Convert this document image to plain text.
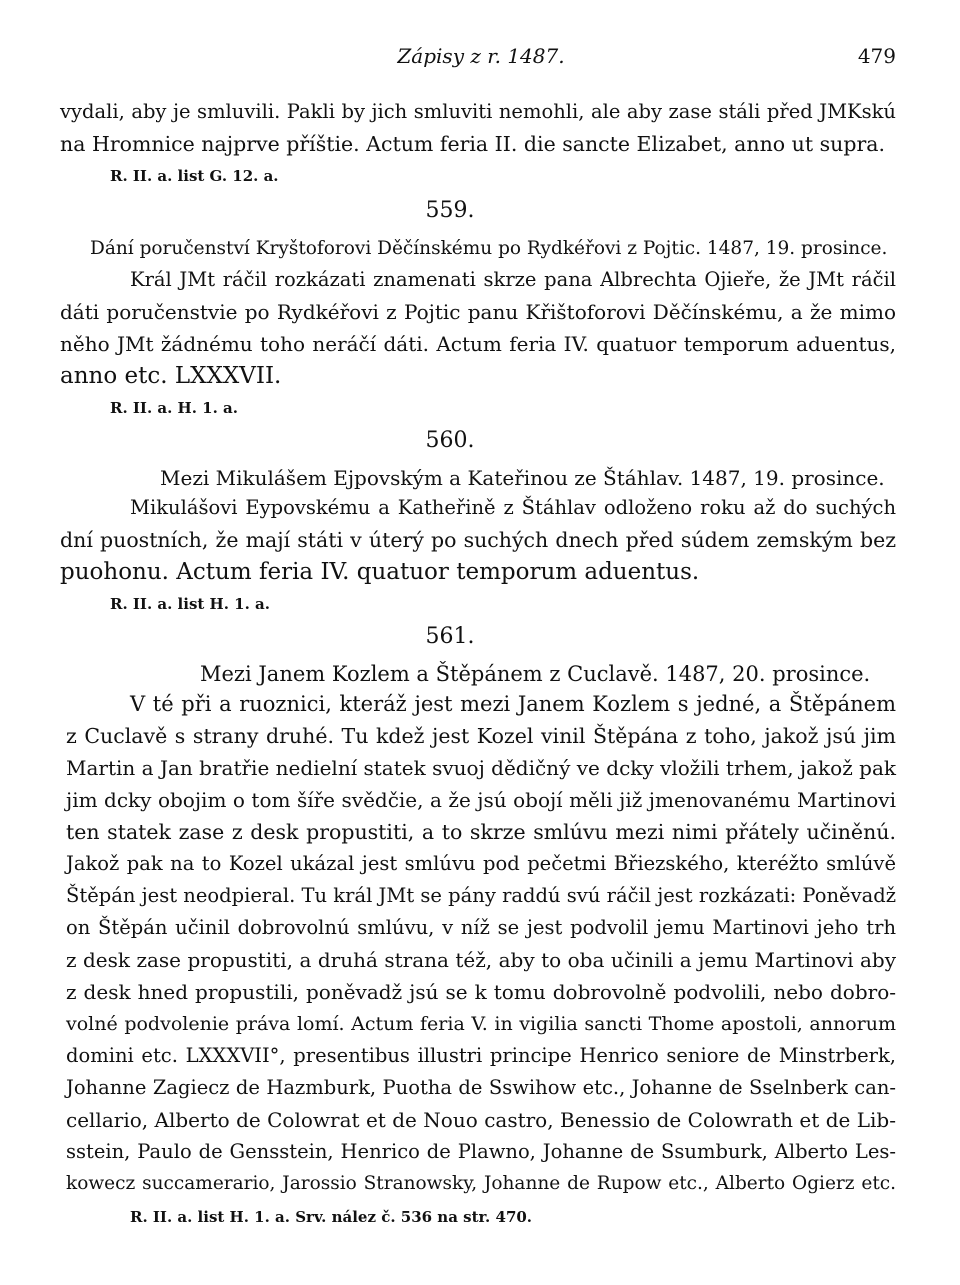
Zápisy z r. 1487.	479
vydali, aby je smluvili. Pakli by jich smluviti nemohli, ale aby zase stáli před JMKskú
na Hromnice najprve příštie. Actum feria II. die sancte Elizabet, anno ut supra.
R. II. a. list G. 12. a.
559.
Dání poručenství Kryštoforovi Děčínskému po Rydkéřovi z Pojtic. 1487, 19. prosince.
Král JMt ráčil rozkázati znamenati skrze pana Albrechta Ojieře, že JMt ráčil
dáti poručenstvie po Rydkéřovi z Pojtic panu Křištoforovi Děčínskému, a že mimo
něho JMt žádnému toho neráčí dáti. Actum feria IV. quatuor temporum aduentus,
anno etc. LXXXVII.
R. II. a. H. 1. a.
560.
Mezi Mikulášem Ejpovským a Kateřinou ze Štáhlav. 1487, 19. prosince.
Mikulášovi Eypovskému a Katheřině z Štáhlav odloženo roku až do suchých
dní puostních, že mají státi v úterý po suchých dnech před súdem zemským bez
puohonu. Actum feria IV. quatuor temporum aduentus.
R. II. a. list H. 1. a.
561.
Mezi Janem Kozlem a Štěpánem z Cuclavě. 1487, 20. prosince.
V té při a ruoznici, kteráž jest mezi Janem Kozlem s jedné, a Štěpánem
z Cuclavě s strany druhé. Tu kdež jest Kozel vinil Štěpána z toho, jakož jsú jim
Martin a Jan bratřie nedielní statek svuoj dědičný ve dcky vložili trhem, jakož pak
jim dcky obojim o tom šíře svědčie, a že jsú obojí měli již jmenovanému Martinovi
ten statek zase z desk propustiti, a to skrze smlúvu mezi nimi přátely učiněnú.
Jakož pak na to Kozel ukázal jest smlúvu pod pečetmi Břiezského, kteréžto smlúvě
Štěpán jest neodpieral. Tu král JMt se pány raddú svú ráčil jest rozkázati: Poněvadž
on Štěpán učinil dobrovolnú smlúvu, v níž se jest podvolil jemu Martinovi jeho trh
z desk zase propustiti, a druhá strana též, aby to oba učinili a jemu Martinovi aby
z desk hned propustili, poněvadž jsú se k tomu dobrovolně podvolili, nebo dobro-
volné podvolenie práva lomí. Actum feria V. in vigilia sancti Thome apostoli, annorum
domini etc. LXXXVII°, presentibus illustri principe Henrico seniore de Minstrberk,
Johanne Zagiecz de Hazmburk, Puotha de Sswihow etc., Johanne de Sselnberk can-
cellario, Alberto de Colowrat et de Nouo castro, Benessio de Colowrath et de Lib-
sstein, Paulo de Gensstein, Henrico de Plawno, Johanne de Ssumburk, Alberto Les-
kowecz succamerario, Jarossio Stranowsky, Johanne de Rupow etc., Alberto Ogierz etc.
R. II. a. list H. 1. a. Srv. nález č. 536 na str. 470.
